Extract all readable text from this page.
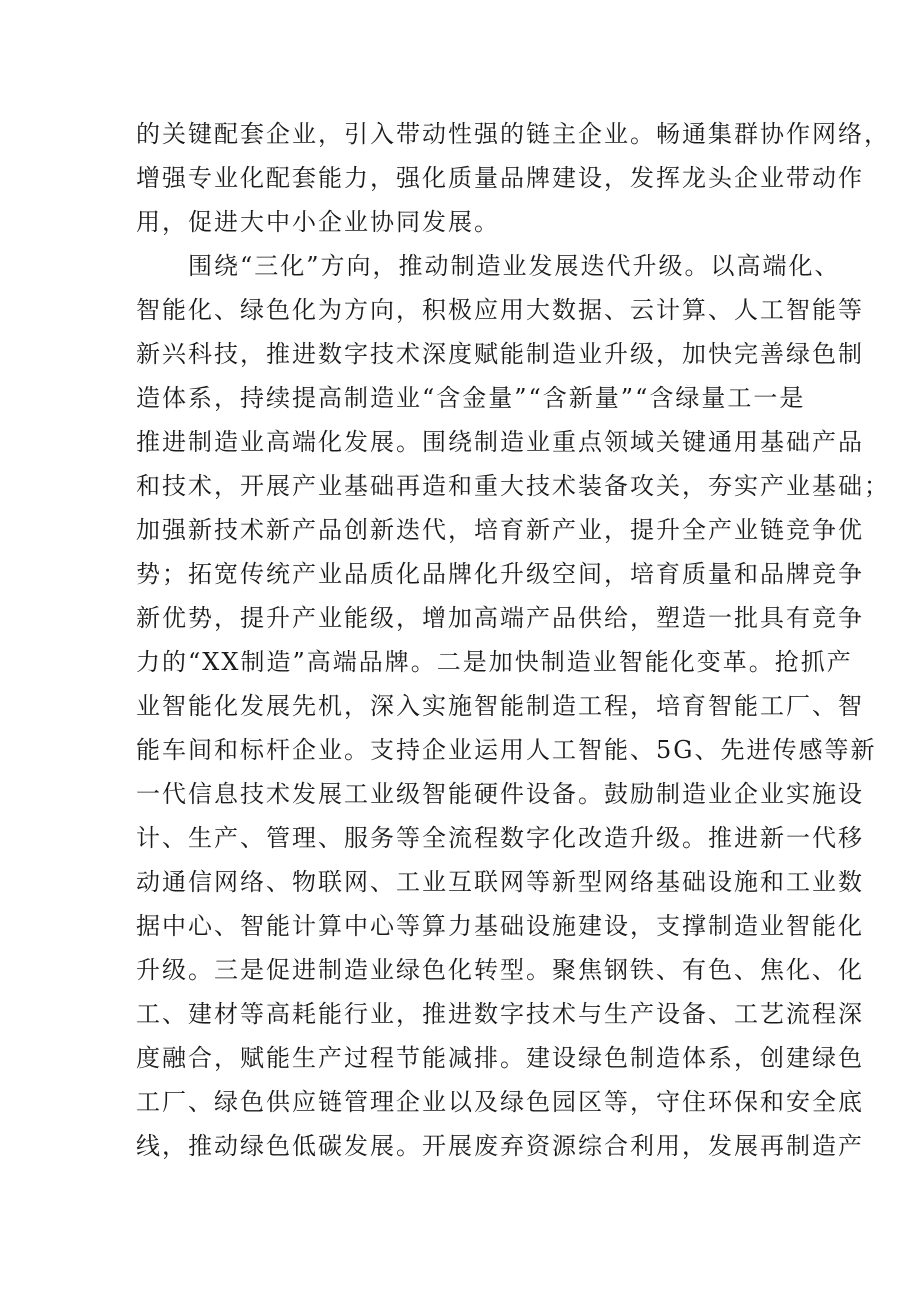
的关键配套企业，引入带动性强的链主企业。畅通集群协作网络，
增强专业化配套能力，强化质量品牌建设，发挥龙头企业带动作
用，促进大中小企业协同发展。
围绕“三化”方向，推动制造业发展迭代升级。以高端化、
智能化、绿色化为方向，积极应用大数据、云计算、人工智能等
新兴科技，推进数字技术深度赋能制造业升级，加快完善绿色制
造体系，持续提高制造业“含金量”“含新量”“含绿量工一是
推进制造业高端化发展。围绕制造业重点领域关键通用基础产品
和技术，开展产业基础再造和重大技术装备攻关，夯实产业基础；
加强新技术新产品创新迭代，培育新产业，提升全产业链竞争优
势；拓宽传统产业品质化品牌化升级空间，培育质量和品牌竞争
新优势，提升产业能级，增加高端产品供给，塑造一批具有竞争
力的“XX制造”高端品牌。二是加快制造业智能化变革。抢抓产
业智能化发展先机，深入实施智能制造工程，培育智能工厂、智
能车间和标杆企业。支持企业运用人工智能、5G、先进传感等新
一代信息技术发展工业级智能硬件设备。鼓励制造业企业实施设
计、生产、管理、服务等全流程数字化改造升级。推进新一代移
动通信网络、物联网、工业互联网等新型网络基础设施和工业数
据中心、智能计算中心等算力基础设施建设，支撑制造业智能化
升级。三是促进制造业绿色化转型。聚焦钢铁、有色、焦化、化
工、建材等高耗能行业，推进数字技术与生产设备、工艺流程深
度融合，赋能生产过程节能减排。建设绿色制造体系，创建绿色
工厂、绿色供应链管理企业以及绿色园区等，守住环保和安全底
线，推动绿色低碳发展。开展废弃资源综合利用，发展再制造产
